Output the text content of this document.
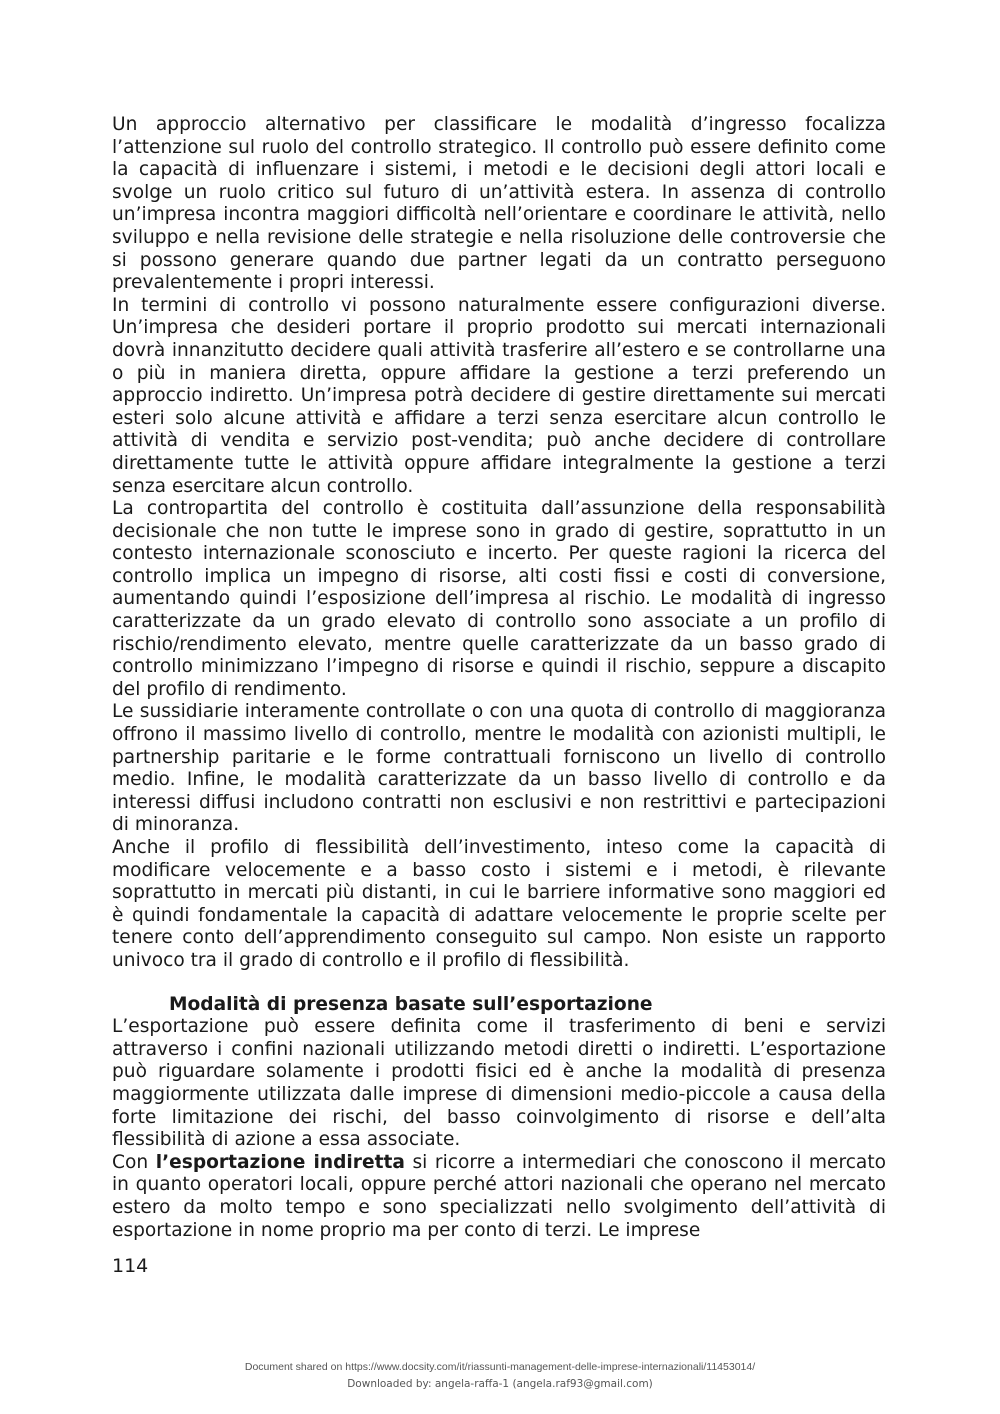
Un approccio alternativo per classificare le modalità d’ingresso focalizza l’attenzione sul ruolo del controllo strategico. Il controllo può essere definito come la capacità di influenzare i sistemi, i metodi e le decisioni degli attori locali e svolge un ruolo critico sul futuro di un’attività estera. In assenza di controllo un’impresa incontra maggiori difficoltà nell’orientare e coordinare le attività, nello sviluppo e nella revisione delle strategie e nella risoluzione delle controversie che si possono generare quando due partner legati da un contratto perseguono prevalentemente i propri interessi.

In termini di controllo vi possono naturalmente essere configurazioni diverse. Un’impresa che desideri portare il proprio prodotto sui mercati internazionali dovrà innanzitutto decidere quali attività trasferire all’estero e se controllarne una o più in maniera diretta, oppure affidare la gestione a terzi preferendo un approccio indiretto. Un’impresa potrà decidere di gestire direttamente sui mercati esteri solo alcune attività e affidare a terzi senza esercitare alcun controllo le attività di vendita e servizio post-vendita; può anche decidere di controllare direttamente tutte le attività oppure affidare integralmente la gestione a terzi senza esercitare alcun controllo.

La contropartita del controllo è costituita dall’assunzione della responsabilità decisionale che non tutte le imprese sono in grado di gestire, soprattutto in un contesto internazionale sconosciuto e incerto. Per queste ragioni la ricerca del controllo implica un impegno di risorse, alti costi fissi e costi di conversione, aumentando quindi l’esposizione dell’impresa al rischio. Le modalità di ingresso caratterizzate da un grado elevato di controllo sono associate a un profilo di rischio/rendimento elevato, mentre quelle caratterizzate da un basso grado di controllo minimizzano l’impegno di risorse e quindi il rischio, seppure a discapito del profilo di rendimento.

Le sussidiarie interamente controllate o con una quota di controllo di maggioranza offrono il massimo livello di controllo, mentre le modalità con azionisti multipli, le partnership paritarie e le forme contrattuali forniscono un livello di controllo medio. Infine, le modalità caratterizzate da un basso livello di controllo e da interessi diffusi includono contratti non esclusivi e non restrittivi e partecipazioni di minoranza.

Anche il profilo di flessibilità dell’investimento, inteso come la capacità di modificare velocemente e a basso costo i sistemi e i metodi, è rilevante soprattutto in mercati più distanti, in cui le barriere informative sono maggiori ed è quindi fondamentale la capacità di adattare velocemente le proprie scelte per tenere conto dell’apprendimento conseguito sul campo. Non esiste un rapporto univoco tra il grado di controllo e il profilo di flessibilità.

Modalità di presenza basate sull’esportazione

L’esportazione può essere definita come il trasferimento di beni e servizi attraverso i confini nazionali utilizzando metodi diretti o indiretti. L’esportazione può riguardare solamente i prodotti fisici ed è anche la modalità di presenza maggiormente utilizzata dalle imprese di dimensioni medio-piccole a causa della forte limitazione dei rischi, del basso coinvolgimento di risorse e dell’alta flessibilità di azione a essa associate.

Con l’esportazione indiretta si ricorre a intermediari che conoscono il mercato in quanto operatori locali, oppure perché attori nazionali che operano nel mercato estero da molto tempo e sono specializzati nello svolgimento dell’attività di esportazione in nome proprio ma per conto di terzi. Le imprese

114
Document shared on https://www.docsity.com/it/riassunti-management-delle-imprese-internazionali/11453014/
Downloaded by: angela-raffa-1 (angela.raf93@gmail.com)
